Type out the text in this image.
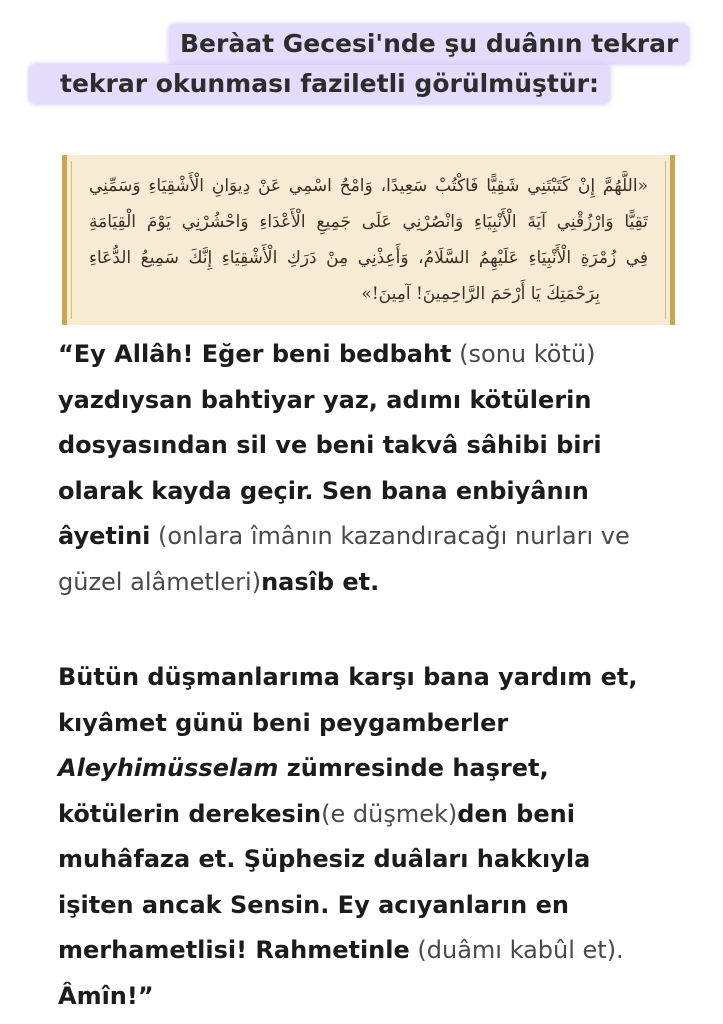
Beràat Gecesi'nde şu duânın tekrar
tekrar okunması faziletli görülmüştür:
«اللَّهُمَّ إِنْ كَتَبْتَنِي شَقِيًّا فَاكْتُبْ سَعِيدًا، وَامْحُ اسْمِي عَنْ دِيوَانِ الْأَشْقِيَاءِ وَسَمِّنِي
تَقِيًّا وَارْزُقْنِي آيَةَ الْأَنْبِيَاءِ وَانْصُرْنِي عَلَى جَمِيعِ الْأَعْدَاءِ وَاحْشُرْنِي يَوْمَ الْقِيَامَةِ
فِي زُمْرَةِ الْأَنْبِيَاءِ عَلَيْهِمُ السَّلَامُ، وَأَعِذْنِي مِنْ دَرَكِ الْأَشْقِيَاءِ إِنَّكَ سَمِيعُ الدُّعَاءِ
بِرَحْمَتِكَ يَا أَرْحَمَ الرَّاحِمِينَ! آمِينَ!»
“Ey Allâh! Eğer beni bedbaht (sonu kötü)
yazdıysan bahtiyar yaz, adımı kötülerin
dosyasından sil ve beni takvâ sâhibi biri
olarak kayda geçir. Sen bana enbiyânın
âyetini (onlara îmânın kazandıracağı nurları ve
güzel alâmetleri)nasîb et.
Bütün düşmanlarıma karşı bana yardım et,
kıyâmet günü beni peygamberler
Aleyhimüsselam zümresinde haşret,
kötülerin derekesin(e düşmek)den beni
muhâfaza et. Şüphesiz duâları hakkıyla
işiten ancak Sensin. Ey acıyanların en
merhametlisi! Rahmetinle (duâmı kabûl et).
Âmîn!”
